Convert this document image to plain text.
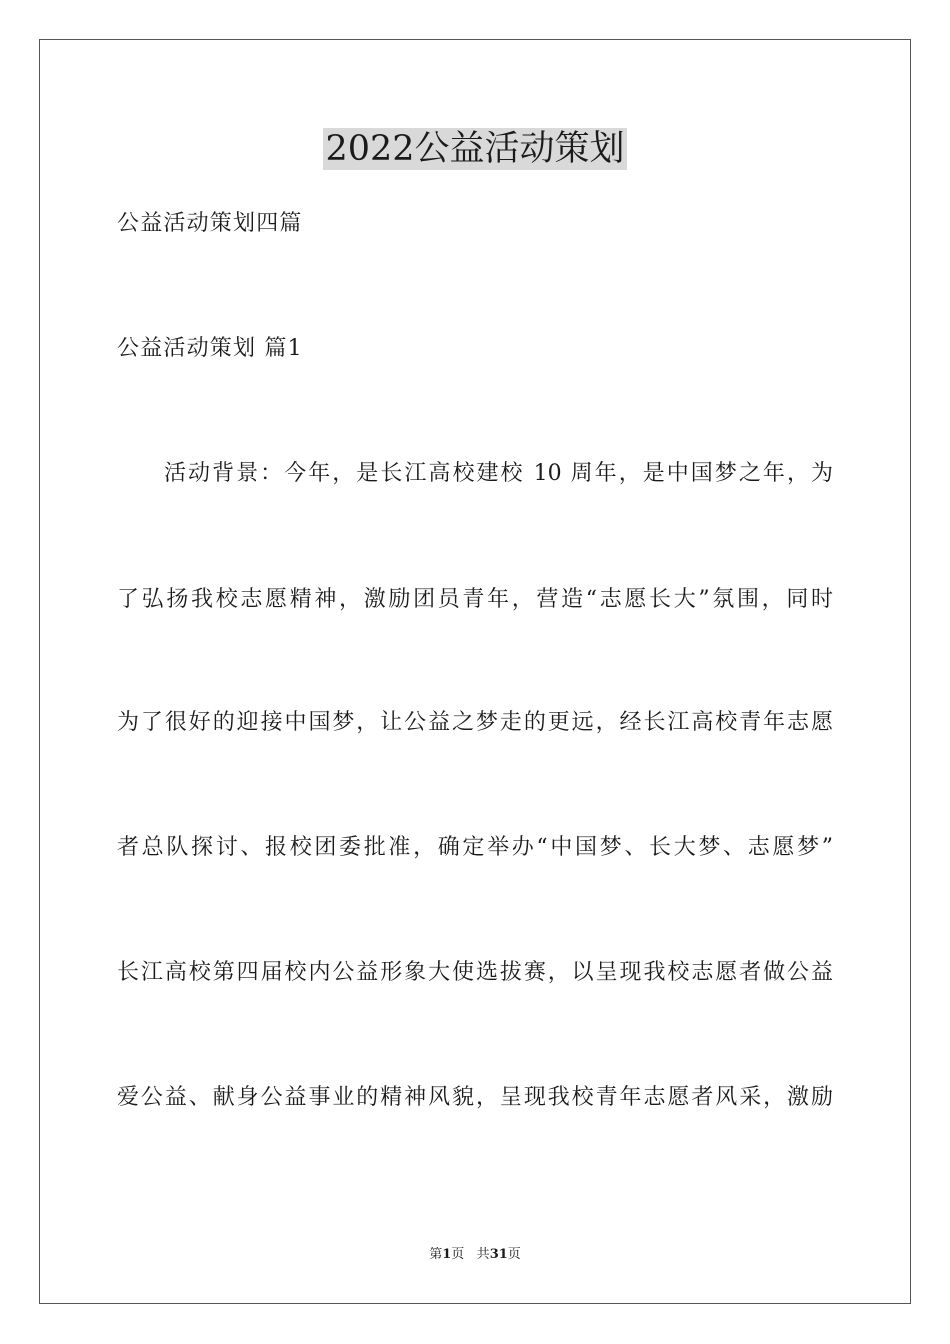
2022公益活动策划
公益活动策划四篇
公益活动策划 篇1
活动背景：今年，是长江高校建校 10 周年，是中国梦之年，为
了弘扬我校志愿精神，激励团员青年，营造“志愿长大”氛围，同时
为了很好的迎接中国梦，让公益之梦走的更远，经长江高校青年志愿
者总队探讨、报校团委批准，确定举办“中国梦、长大梦、志愿梦”
长江高校第四届校内公益形象大使选拔赛，以呈现我校志愿者做公益
爱公益、献身公益事业的精神风貌，呈现我校青年志愿者风采，激励
第1页 共31页
